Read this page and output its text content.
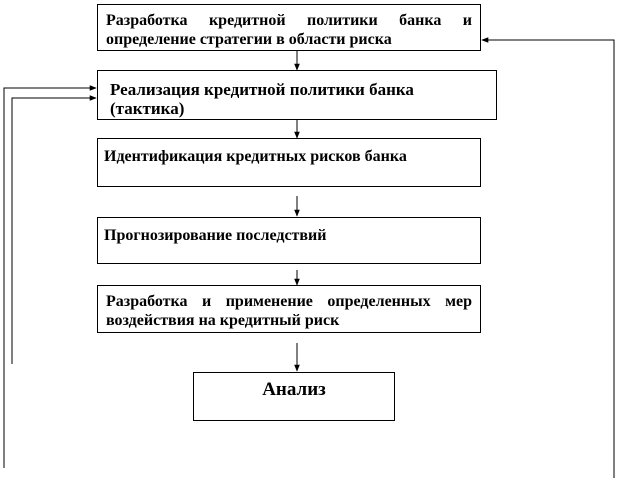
Разработка кредитной политики банка и определение стратегии в области риска
Реализация кредитной политики банка (тактика)
Идентификация кредитных рисков банка
Прогнозирование последствий
Разработка и применение определенных мер воздействия на кредитный риск
Анализ
